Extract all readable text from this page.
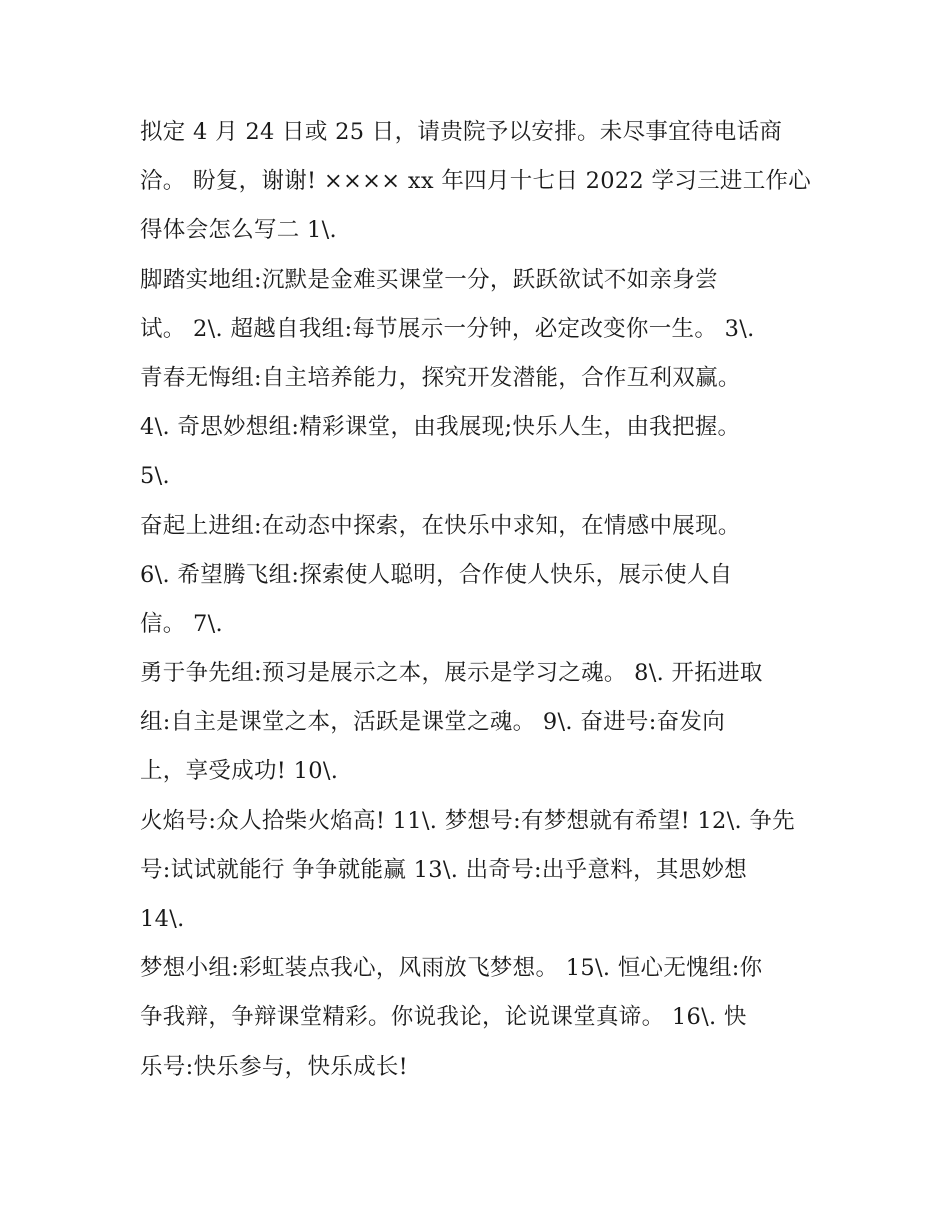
拟定 4 月 24 日或 25 日，请贵院予以安排。未尽事宜待电话商
洽。 盼复，谢谢! ×××× xx 年四月十七日 2022 学习三进工作心
得体会怎么写二 1\.
脚踏实地组:沉默是金难买课堂一分，跃跃欲试不如亲身尝
试。 2\. 超越自我组:每节展示一分钟，必定改变你一生。 3\.
青春无悔组:自主培养能力，探究开发潜能，合作互利双赢。
4\. 奇思妙想组:精彩课堂，由我展现;快乐人生，由我把握。
5\.
奋起上进组:在动态中探索，在快乐中求知，在情感中展现。
6\. 希望腾飞组:探索使人聪明，合作使人快乐，展示使人自
信。 7\.
勇于争先组:预习是展示之本，展示是学习之魂。 8\. 开拓进取
组:自主是课堂之本，活跃是课堂之魂。 9\. 奋进号:奋发向
上，享受成功! 10\.
火焰号:众人拾柴火焰高! 11\. 梦想号:有梦想就有希望! 12\. 争先
号:试试就能行 争争就能赢 13\. 出奇号:出乎意料，其思妙想
14\.
梦想小组:彩虹装点我心，风雨放飞梦想。 15\. 恒心无愧组:你
争我辩，争辩课堂精彩。你说我论，论说课堂真谛。 16\. 快
乐号:快乐参与，快乐成长!
